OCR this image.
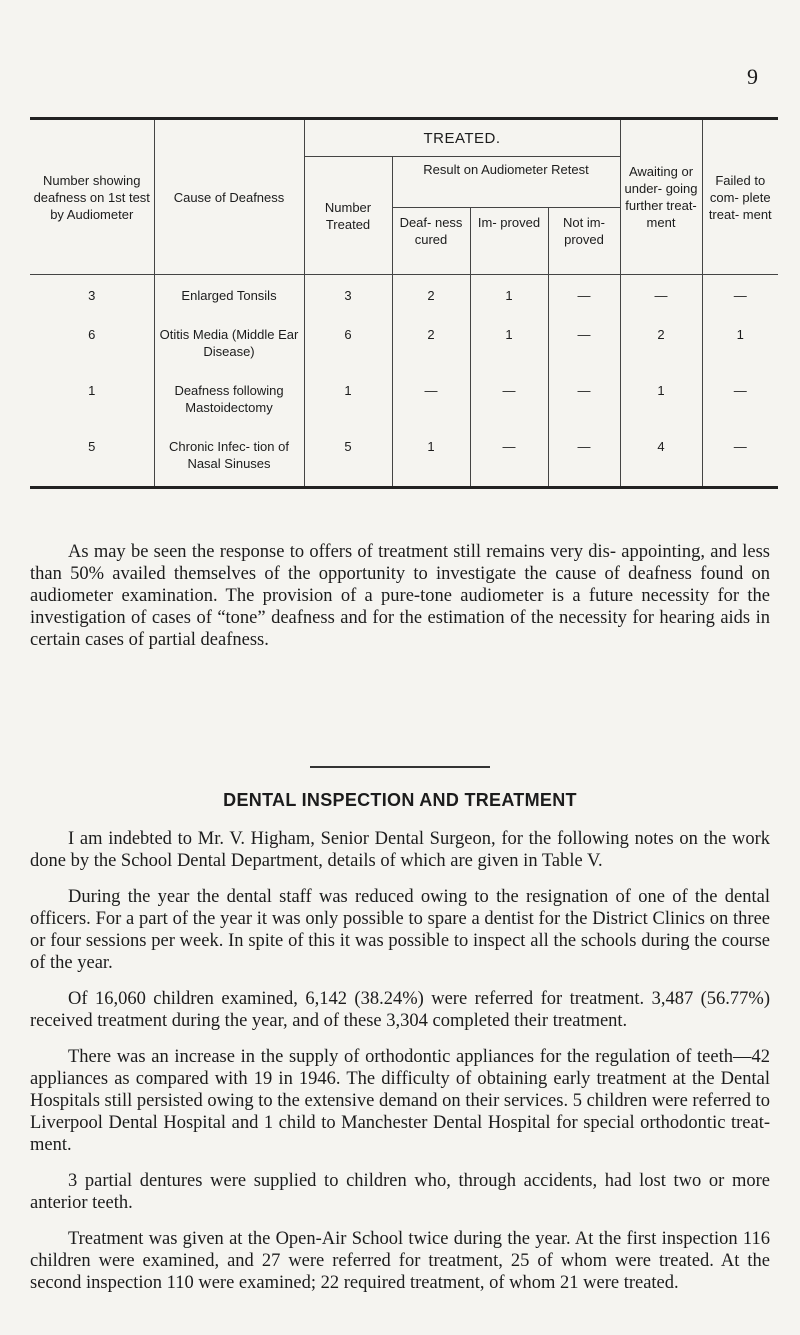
9
Number showing deafness on 1st test by Audiometer	Cause of Deafness	TREATED.				Awaiting or under- going further treat- ment	Failed to com- plete treat- ment
		Number Treated	Result on Audiometer Retest				
			Deaf- ness cured	Im- proved	Not im- proved		
3	Enlarged Tonsils	3	2	1	—	—	—
6	Otitis Media (Middle Ear Disease)	6	2	1	—	2	1
1	Deafness following Mastoidectomy	1	—	—	—	1	—
5	Chronic Infec- tion of Nasal Sinuses	5	1	—	—	4	—

As may be seen the response to offers of treatment still remains very dis- appointing, and less than 50% availed themselves of the opportunity to investigate the cause of deafness found on audiometer examination. The provision of a pure-tone audiometer is a future necessity for the investigation of cases of “tone” deafness and for the estimation of the necessity for hearing aids in certain cases of partial deafness.

DENTAL INSPECTION AND TREATMENT

I am indebted to Mr. V. Higham, Senior Dental Surgeon, for the following notes on the work done by the School Dental Department, details of which are given in Table V.

During the year the dental staff was reduced owing to the resignation of one of the dental officers. For a part of the year it was only possible to spare a dentist for the District Clinics on three or four sessions per week. In spite of this it was possible to inspect all the schools during the course of the year.

Of 16,060 children examined, 6,142 (38.24%) were referred for treatment. 3,487 (56.77%) received treatment during the year, and of these 3,304 completed their treatment.

There was an increase in the supply of orthodontic appliances for the regulation of teeth—42 appliances as compared with 19 in 1946. The difficulty of obtaining early treatment at the Dental Hospitals still persisted owing to the extensive demand on their services. 5 children were referred to Liverpool Dental Hospital and 1 child to Manchester Dental Hospital for special orthodontic treat- ment.

3 partial dentures were supplied to children who, through accidents, had lost two or more anterior teeth.

Treatment was given at the Open-Air School twice during the year. At the first inspection 116 children were examined, and 27 were referred for treatment, 25 of whom were treated. At the second inspection 110 were examined; 22 required treatment, of whom 21 were treated.
